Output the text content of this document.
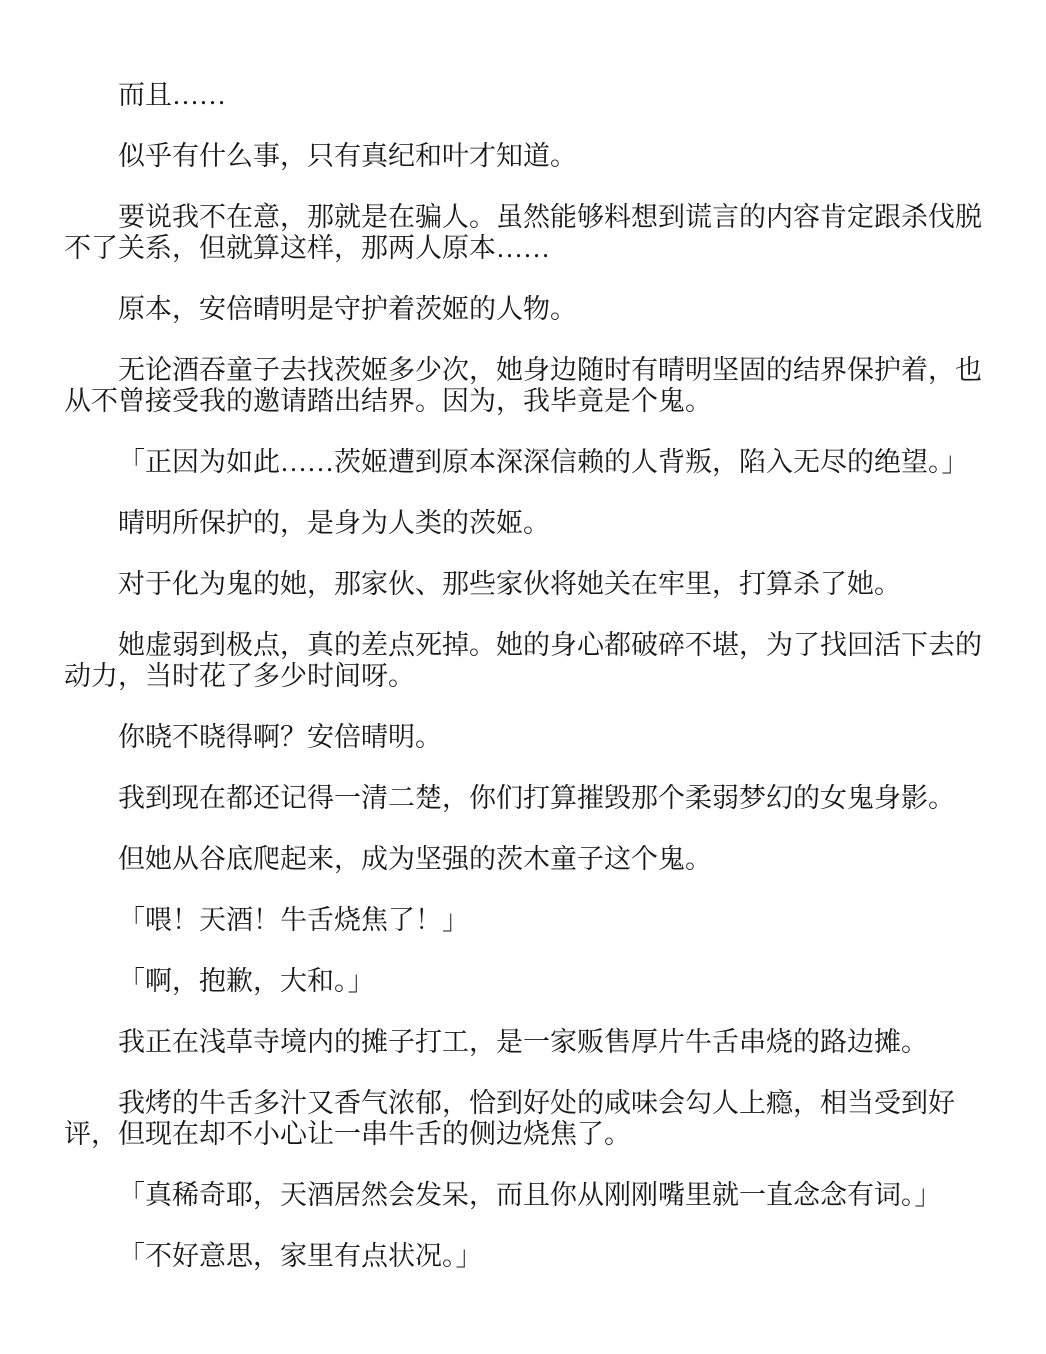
而且……

似乎有什么事，只有真纪和叶才知道。

要说我不在意，那就是在骗人。虽然能够料想到谎言的内容肯定跟杀伐脱不了关系，但就算这样，那两人原本……

原本，安倍晴明是守护着茨姬的人物。

无论酒吞童子去找茨姬多少次，她身边随时有晴明坚固的结界保护着，也从不曾接受我的邀请踏出结界。因为，我毕竟是个鬼。

「正因为如此……茨姬遭到原本深深信赖的人背叛，陷入无尽的绝望。」

晴明所保护的，是身为人类的茨姬。

对于化为鬼的她，那家伙、那些家伙将她关在牢里，打算杀了她。

她虚弱到极点，真的差点死掉。她的身心都破碎不堪，为了找回活下去的动力，当时花了多少时间呀。

你晓不晓得啊？安倍晴明。

我到现在都还记得一清二楚，你们打算摧毁那个柔弱梦幻的女鬼身影。

但她从谷底爬起来，成为坚强的茨木童子这个鬼。

「喂！天酒！牛舌烧焦了！」

「啊，抱歉，大和。」

我正在浅草寺境内的摊子打工，是一家贩售厚片牛舌串烧的路边摊。

我烤的牛舌多汁又香气浓郁，恰到好处的咸味会勾人上瘾，相当受到好评，但现在却不小心让一串牛舌的侧边烧焦了。

「真稀奇耶，天酒居然会发呆，而且你从刚刚嘴里就一直念念有词。」

「不好意思，家里有点状况。」
